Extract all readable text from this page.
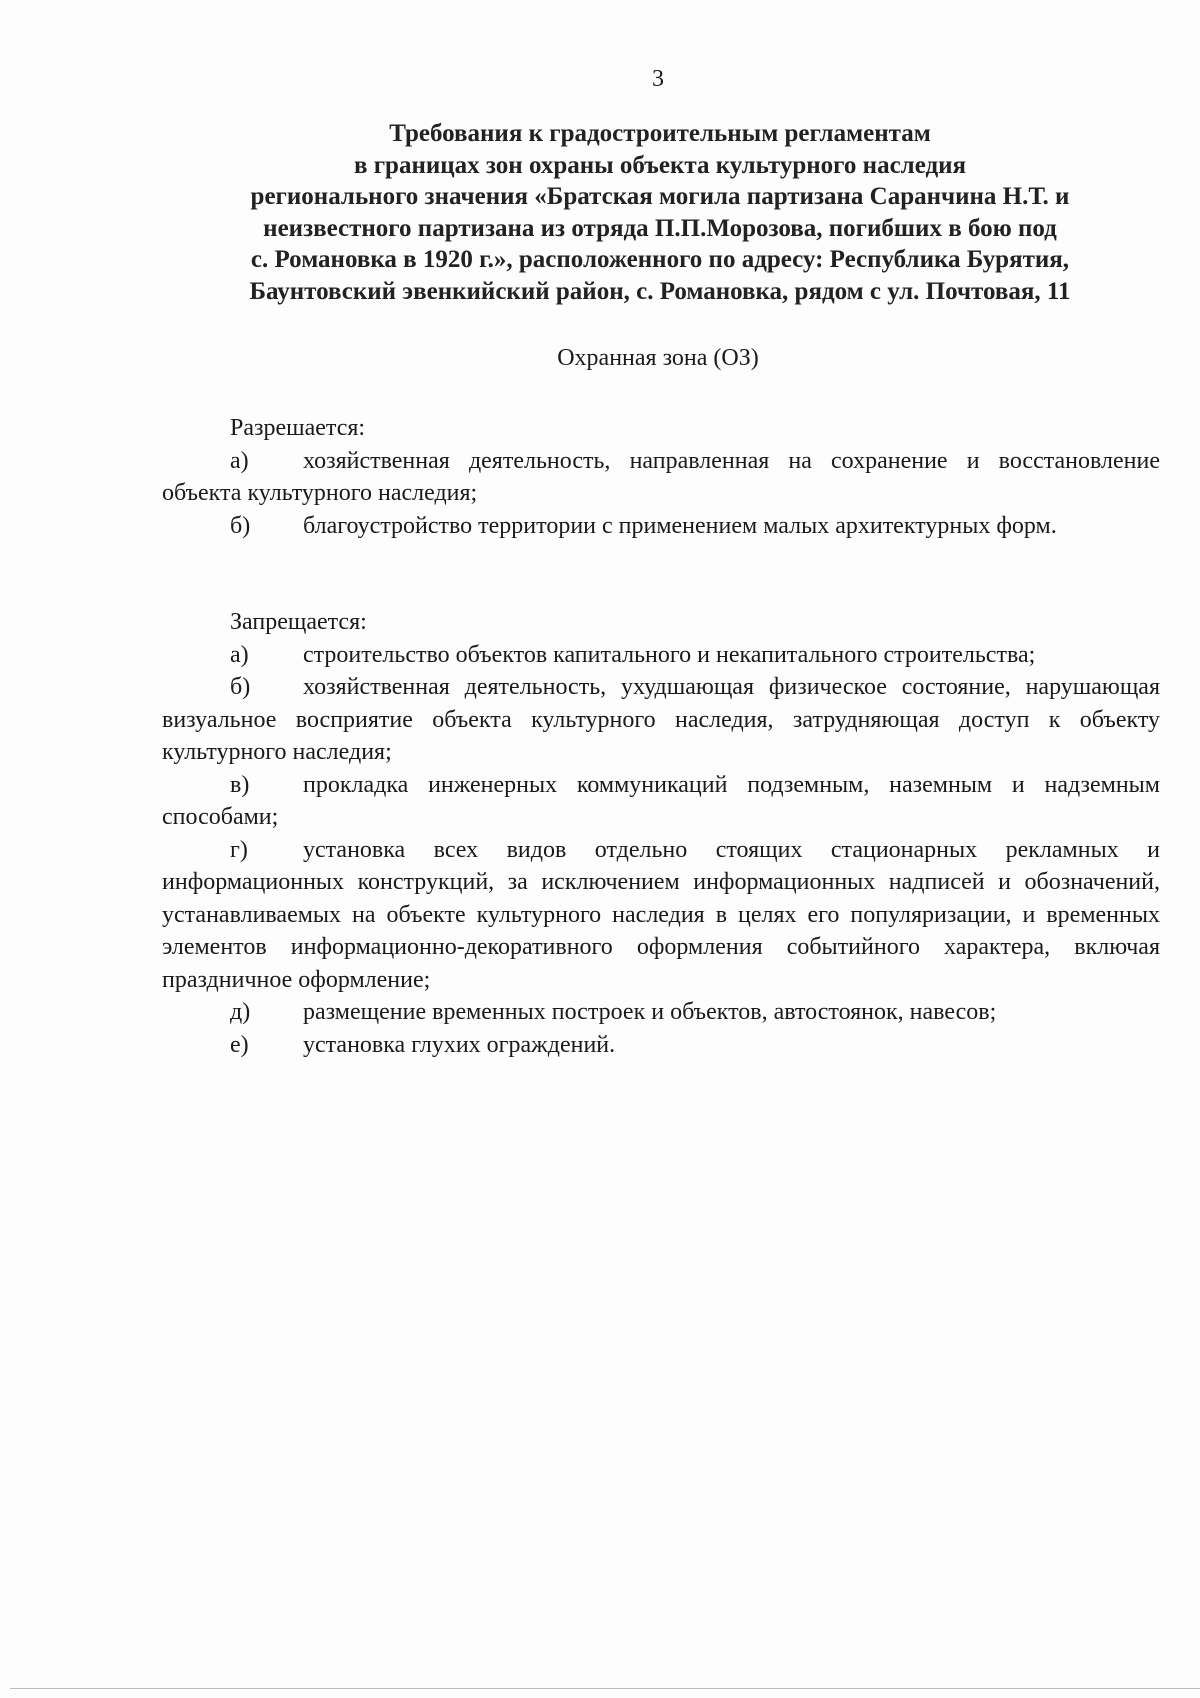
3
Требования к градостроительным регламентам
в границах зон охраны объекта культурного наследия
регионального значения «Братская могила партизана Саранчина Н.Т. и
неизвестного партизана из отряда П.П.Морозова, погибших в бою под
с. Романовка в 1920 г.», расположенного по адресу: Республика Бурятия,
Баунтовский эвенкийский район, с. Романовка, рядом с ул. Почтовая, 11
Охранная зона (ОЗ)
Разрешается:
а) хозяйственная деятельность, направленная на сохранение и восстановление объекта культурного наследия;
б) благоустройство территории с применением малых архитектурных форм.
Запрещается:
а) строительство объектов капитального и некапитального строительства;
б) хозяйственная деятельность, ухудшающая физическое состояние, нарушающая визуальное восприятие объекта культурного наследия, затрудняющая доступ к объекту культурного наследия;
в) прокладка инженерных коммуникаций подземным, наземным и надземным способами;
г) установка всех видов отдельно стоящих стационарных рекламных и информационных конструкций, за исключением информационных надписей и обозначений, устанавливаемых на объекте культурного наследия в целях его популяризации, и временных элементов информационно-декоративного оформления событийного характера, включая праздничное оформление;
д) размещение временных построек и объектов, автостоянок, навесов;
е) установка глухих ограждений.
